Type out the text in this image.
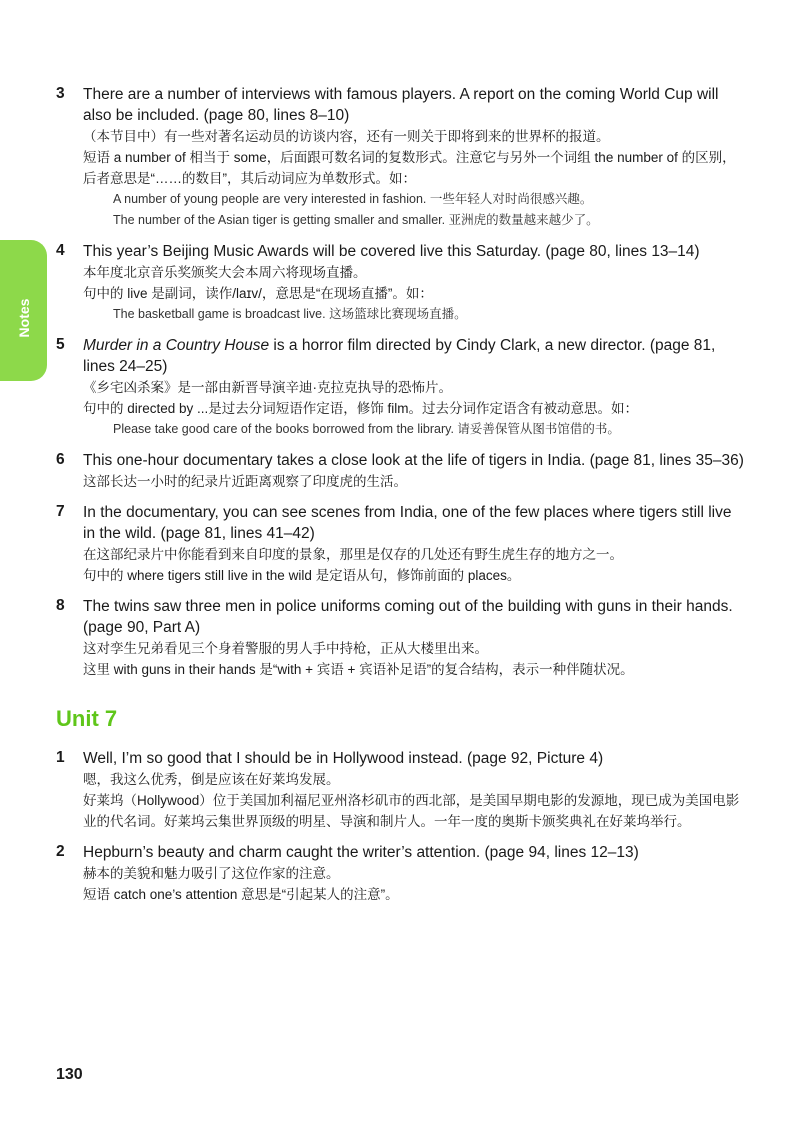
Notes
3 There are a number of interviews with famous players. A report on the coming World Cup will also be included. (page 80, lines 8–10)
（本节目中）有一些对著名运动员的访谈内容，还有一则关于即将到来的世界杯的报道。
短语 a number of 相当于 some，后面跟可数名词的复数形式。注意它与另外一个词组 the number of 的区别，后者意思是“……的数目”，其后动词应为单数形式。如：
A number of young people are very interested in fashion. 一些年轻人对时尚很感兴趣。
The number of the Asian tiger is getting smaller and smaller. 亚洲虎的数量越来越少了。
4 This year’s Beijing Music Awards will be covered live this Saturday. (page 80, lines 13–14)
本年度北京音乐奖颁奖大会本周六将现场直播。
句中的 live 是副词，读作/laɪv/，意思是“在现场直播”。如：
The basketball game is broadcast live. 这场篮球比赛现场直播。
5 Murder in a Country House is a horror film directed by Cindy Clark, a new director. (page 81, lines 24–25)
《乡宅凶杀案》是一部由新晋导演辛迪·克拉克执导的恐怖片。
句中的 directed by ...是过去分词短语作定语，修饰 film。过去分词作定语含有被动意思。如：
Please take good care of the books borrowed from the library. 请妥善保管从图书馆借的书。
6 This one-hour documentary takes a close look at the life of tigers in India. (page 81, lines 35–36)
这部长达一小时的纪录片近距离观察了印度虎的生活。
7 In the documentary, you can see scenes from India, one of the few places where tigers still live in the wild. (page 81, lines 41–42)
在这部纪录片中你能看到来自印度的景象，那里是仅存的几处还有野生虎生存的地方之一。
句中的 where tigers still live in the wild 是定语从句，修饰前面的 places。
8 The twins saw three men in police uniforms coming out of the building with guns in their hands. (page 90, Part A)
这对孪生兄弟看见三个身着警服的男人手中持枪，正从大楼里出来。
这里 with guns in their hands 是“with + 宾语 + 宾语补足语”的复合结构，表示一种伴随状况。
Unit 7
1 Well, I’m so good that I should be in Hollywood instead. (page 92, Picture 4)
嗯，我这么优秀，倒是应该在好莱坞发展。
好莱坞（Hollywood）位于美国加利福尼亚州洛杉矶市的西北部，是美国早期电影的发源地，现已成为美国电影业的代名词。好莱坞云集世界顶级的明星、导演和制片人。一年一度的奥斯卡颁奖典礼在好莱坞举行。
2 Hepburn’s beauty and charm caught the writer’s attention. (page 94, lines 12–13)
赫本的美貌和魅力吸引了这位作家的注意。
短语 catch one’s attention 意思是“引起某人的注意”。
130
